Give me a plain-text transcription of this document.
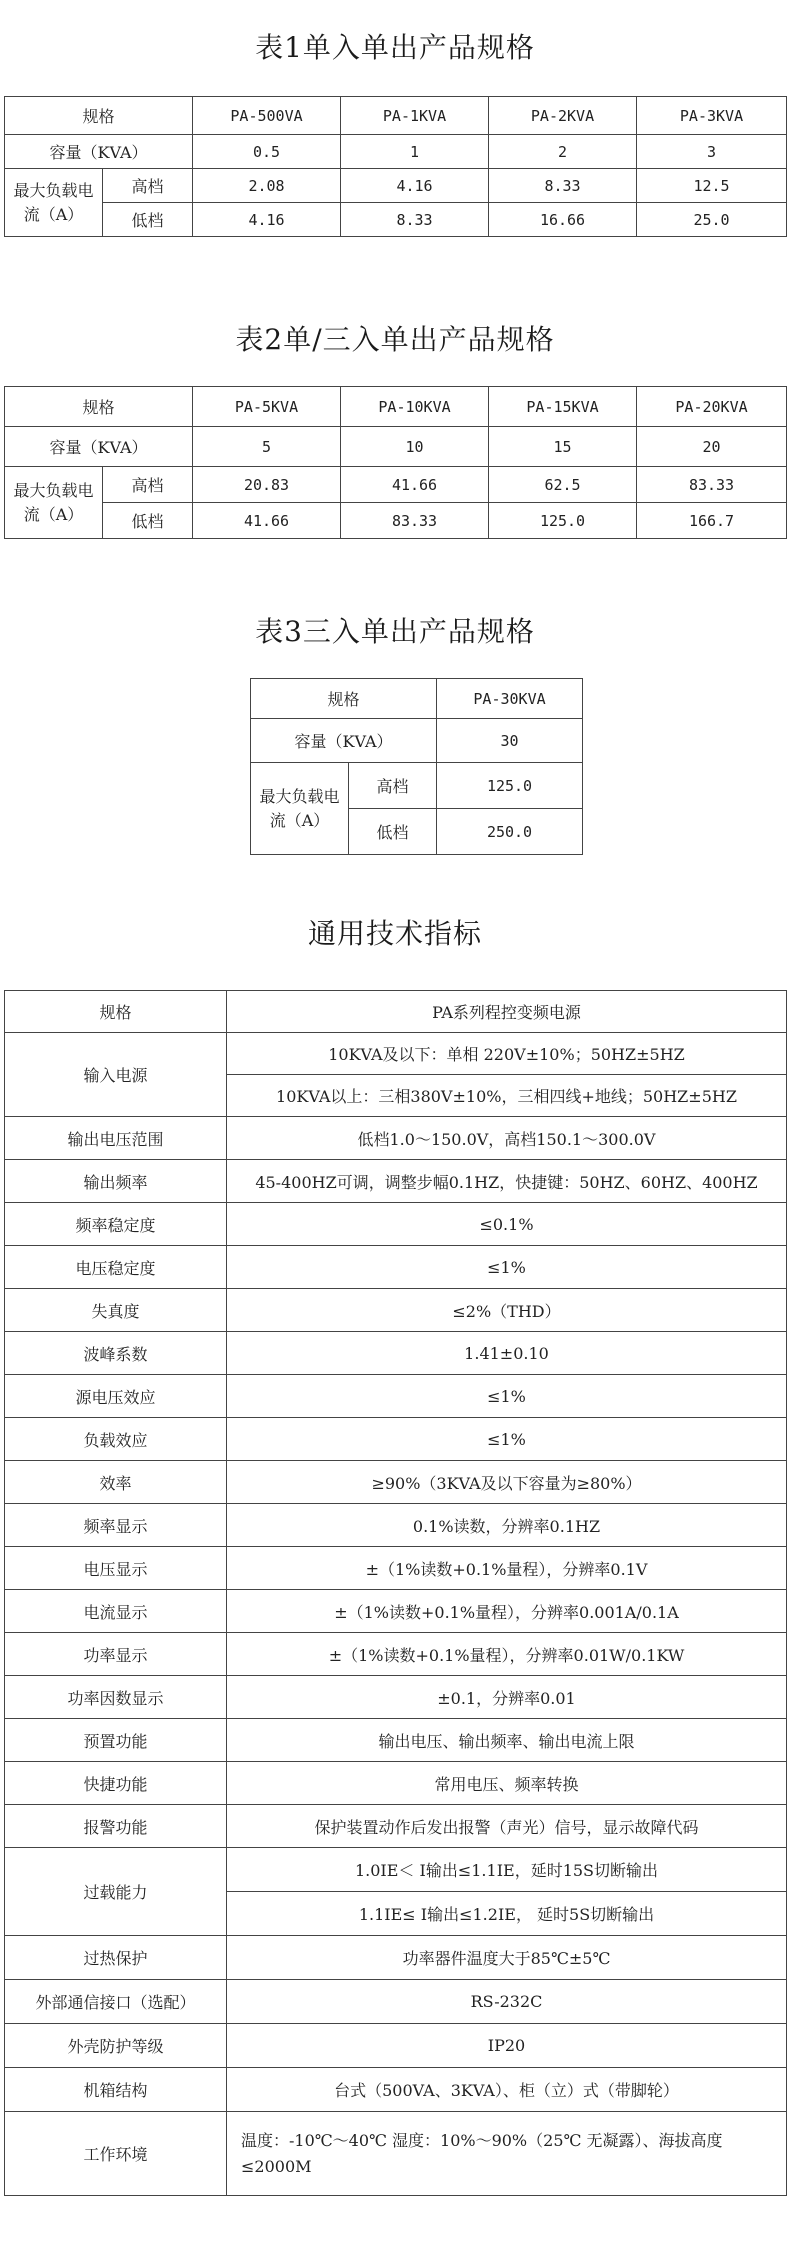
表1单入单出产品规格
规格		PA-500VA	PA-1KVA	PA-2KVA	PA-3KVA
容量（KVA）		0.5	1	2	3
最大负载电流（A）	高档	2.08	4.16	8.33	12.5
	低档	4.16	8.33	16.66	25.0
表2单/三入单出产品规格
规格		PA-5KVA	PA-10KVA	PA-15KVA	PA-20KVA
容量（KVA）		5	10	15	20
最大负载电流（A）	高档	20.83	41.66	62.5	83.33
	低档	41.66	83.33	125.0	166.7
表3三入单出产品规格
规格		PA-30KVA
容量（KVA）		30
最大负载电流（A）	高档	125.0
	低档	250.0
通用技术指标
规格	PA系列程控变频电源
输入电源	10KVA及以下：单相 220V±10%；50HZ±5HZ
	10KVA以上：三相380V±10%，三相四线+地线；50HZ±5HZ
输出电压范围	低档1.0～150.0V，高档150.1～300.0V
输出频率	45-400HZ可调，调整步幅0.1HZ，快捷键：50HZ、60HZ、400HZ
频率稳定度	≤0.1%
电压稳定度	≤1%
失真度	≤2%（THD）
波峰系数	1.41±0.10
源电压效应	≤1%
负载效应	≤1%
效率	≥90%（3KVA及以下容量为≥80%）
频率显示	0.1%读数，分辨率0.1HZ
电压显示	±（1%读数+0.1%量程），分辨率0.1V
电流显示	±（1%读数+0.1%量程），分辨率0.001A/0.1A
功率显示	±（1%读数+0.1%量程），分辨率0.01W/0.1KW
功率因数显示	±0.1，分辨率0.01
预置功能	输出电压、输出频率、输出电流上限
快捷功能	常用电压、频率转换
报警功能	保护装置动作后发出报警（声光）信号，显示故障代码
过载能力	1.0IE＜ I输出≤1.1IE，延时15S切断输出
	1.1IE≤ I输出≤1.2IE， 延时5S切断输出
过热保护	功率器件温度大于85℃±5℃
外部通信接口（选配）	RS-232C
外壳防护等级	IP20
机箱结构	台式（500VA、3KVA）、柜（立）式（带脚轮）
工作环境	温度：-10℃～40℃ 湿度：10%～90%（25℃ 无凝露）、海拔高度≤2000M
